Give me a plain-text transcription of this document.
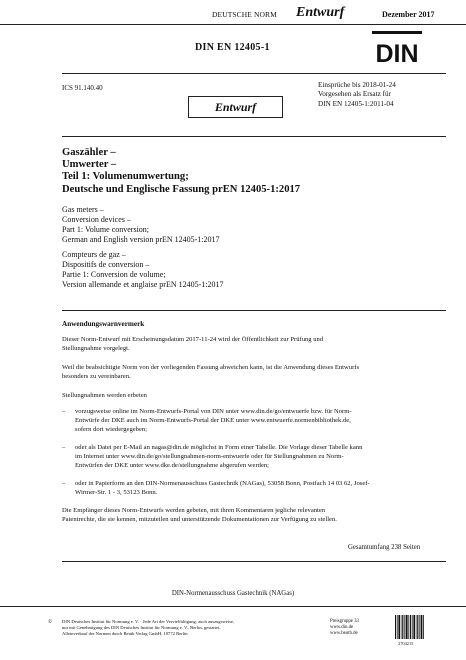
DEUTSCHE NORM Entwurf	Dezember 2017
DIN EN 12405-1	DIN
ICS 91.140.40	Einsprüche bis 2018-01-24
Vorgesehen als Ersatz für
DIN EN 12405-1:2011-04
Entwurf
Gaszähler –
Umwerter –
Teil 1: Volumenumwertung;
Deutsche und Englische Fassung prEN 12405-1:2017
Gas meters –
Conversion devices –
Part 1: Volume conversion;
German and English version prEN 12405-1:2017
Compteurs de gaz –
Dispositifs de conversion –
Partie 1: Conversion de volume;
Version allemande et anglaise prEN 12405-1:2017
Anwendungswarnvermerk
Dieser Norm-Entwurf mit Erscheinungsdatum 2017-11-24 wird der Öffentlichkeit zur Prüfung und
Stellungnahme vorgelegt.
Weil die beabsichtigte Norm von der vorliegenden Fassung abweichen kann, ist die Anwendung dieses Entwurfs
besonders zu vereinbaren.
Stellungnahmen werden erbeten
– vorzugsweise online im Norm-Entwurfs-Portal von DIN unter www.din.de/go/entwuerfe bzw. für Norm-
Entwürfe der DKE auch im Norm-Entwurfs-Portal der DKE unter www.entwuerfe.normenbibliothek.de,
sofern dort wiedergegeben;
– oder als Datei per E-Mail an nagas@din.de möglichst in Form einer Tabelle. Die Vorlage dieser Tabelle kann
im Internet unter www.din.de/go/stellungnahmen-norm-entwuerfe oder für Stellungnahmen zu Norm-
Entwürfen der DKE unter www.dke.de/stellungnahme abgerufen werden;
– oder in Papierform an den DIN-Normenausschuss Gastechnik (NAGas), 53058 Bonn, Postfach 14 03 62, Josef-
Wirmer-Str. 1 - 3, 53123 Bonn.
Die Empfänger dieses Norm-Entwurfs werden gebeten, mit ihren Kommentaren jegliche relevanten
Patentrechte, die sie kennen, mitzuteilen und unterstützende Dokumentationen zur Verfügung zu stellen.
Gesamtumfang 238 Seiten
DIN-Normenausschuss Gastechnik (NAGas)
© DIN Deutsches Institut für Normung e. V. · Jede Art der Vervielfältigung, auch auszugsweise,
nur mit Genehmigung des DIN Deutsches Institut für Normung e. V., Berlin, gestattet.
Alleinverkauf der Normen durch Beuth Verlag GmbH, 10772 Berlin
Preisgruppe 33
www.din.de
www.beuth.de
2704215
